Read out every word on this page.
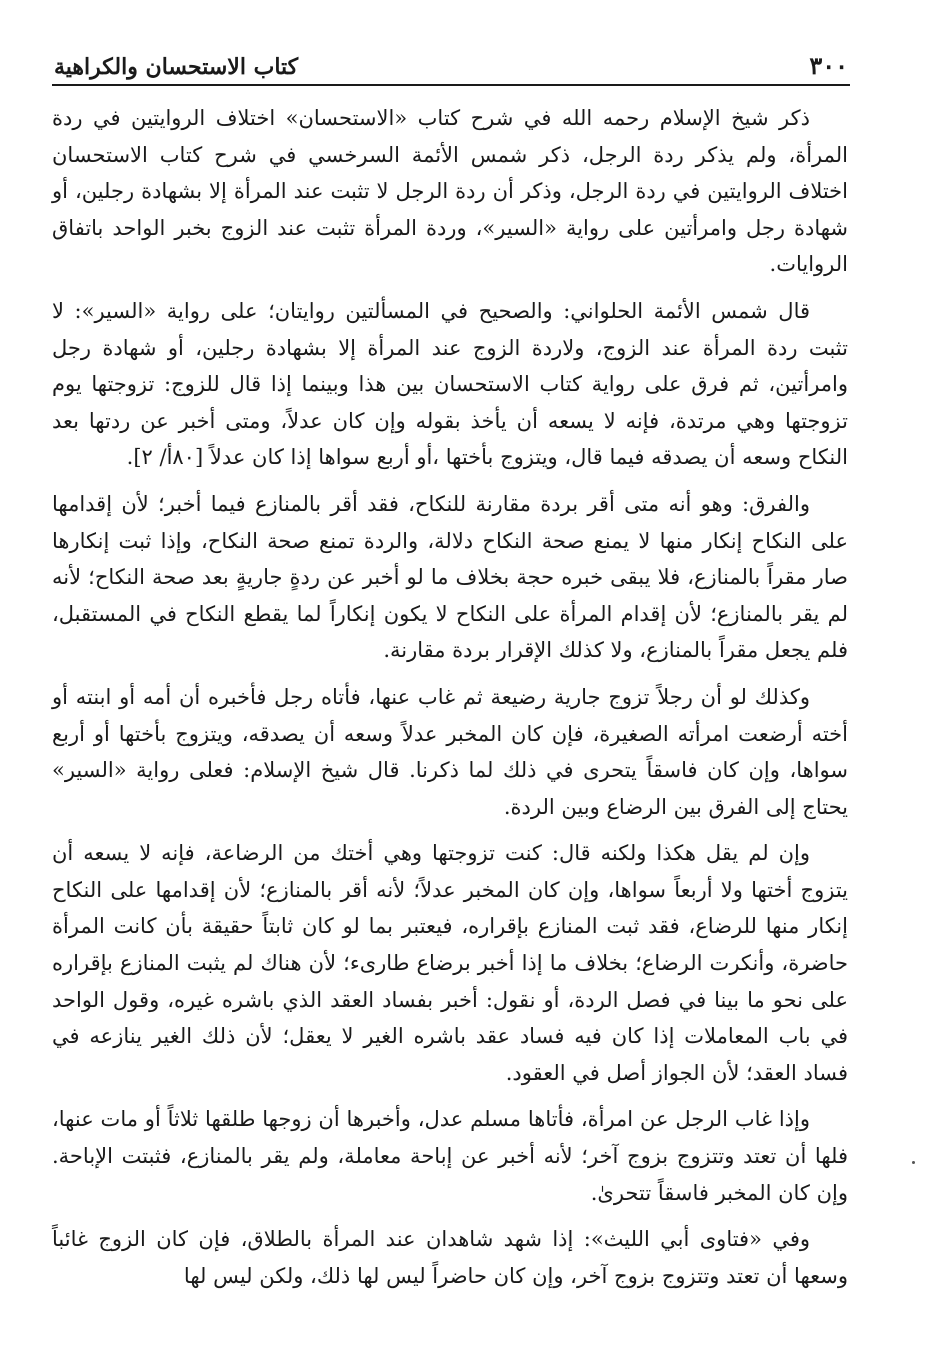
٣٠٠
كتاب الاستحسان والكراهية

ذكر شيخ الإسلام رحمه الله في شرح كتاب «الاستحسان» اختلاف الروايتين في ردة المرأة، ولم يذكر ردة الرجل، ذكر شمس الأئمة السرخسي في شرح كتاب الاستحسان اختلاف الروايتين في ردة الرجل، وذكر أن ردة الرجل لا تثبت عند المرأة إلا بشهادة رجلين، أو شهادة رجل وامرأتين على رواية «السير»، وردة المرأة تثبت عند الزوج بخبر الواحد باتفاق الروايات.

قال شمس الأئمة الحلواني: والصحيح في المسألتين روايتان؛ على رواية «السير»: لا تثبت ردة المرأة عند الزوج، ولاردة الزوج عند المرأة إلا بشهادة رجلين، أو شهادة رجل وامرأتين، ثم فرق على رواية كتاب الاستحسان بين هذا وبينما إذا قال للزوج: تزوجتها يوم تزوجتها وهي مرتدة، فإنه لا يسعه أن يأخذ بقوله وإن كان عدلاً، ومتى أخبر عن ردتها بعد النكاح وسعه أن يصدقه فيما قال، ويتزوج بأختها ،أو أربع سواها إذا كان عدلاً [٨٠أ/ ٢].

والفرق: وهو أنه متى أقر بردة مقارنة للنكاح، فقد أقر بالمنازع فيما أخبر؛ لأن إقدامها على النكاح إنكار منها لا يمنع صحة النكاح دلالة، والردة تمنع صحة النكاح، وإذا ثبت إنكارها صار مقراً بالمنازع، فلا يبقى خبره حجة بخلاف ما لو أخبر عن ردةٍ جاريةٍ بعد صحة النكاح؛ لأنه لم يقر بالمنازع؛ لأن إقدام المرأة على النكاح لا يكون إنكاراً لما يقطع النكاح في المستقبل، فلم يجعل مقراً بالمنازع، ولا كذلك الإقرار بردة مقارنة.

وكذلك لو أن رجلاً تزوج جارية رضيعة ثم غاب عنها، فأتاه رجل فأخبره أن أمه أو ابنته أو أخته أرضعت امرأته الصغيرة، فإن كان المخبر عدلاً وسعه أن يصدقه، ويتزوج بأختها أو أربع سواها، وإن كان فاسقاً يتحرى في ذلك لما ذكرنا. قال شيخ الإسلام: فعلى رواية «السير» يحتاج إلى الفرق بين الرضاع وبين الردة.

وإن لم يقل هكذا ولكنه قال: كنت تزوجتها وهي أختك من الرضاعة، فإنه لا يسعه أن يتزوج أختها ولا أربعاً سواها، وإن كان المخبر عدلاً؛ لأنه أقر بالمنازع؛ لأن إقدامها على النكاح إنكار منها للرضاع، فقد ثبت المنازع بإقراره، فيعتبر بما لو كان ثابتاً حقيقة بأن كانت المرأة حاضرة، وأنكرت الرضاع؛ بخلاف ما إذا أخبر برضاع طارىء؛ لأن هناك لم يثبت المنازع بإقراره على نحو ما بينا في فصل الردة، أو نقول: أخبر بفساد العقد الذي باشره غيره، وقول الواحد في باب المعاملات إذا كان فيه فساد عقد باشره الغير لا يعقل؛ لأن ذلك الغير ينازعه في فساد العقد؛ لأن الجواز أصل في العقود.

وإذا غاب الرجل عن امرأة، فأتاها مسلم عدل، وأخبرها أن زوجها طلقها ثلاثاً أو مات عنها، فلها أن تعتد وتتزوج بزوج آخر؛ لأنه أخبر عن إباحة معاملة، ولم يقر بالمنازع، فثبتت الإباحة. وإن كان المخبر فاسقاً تتحرىٰ.

وفي «فتاوى أبي الليث»: إذا شهد شاهدان عند المرأة بالطلاق، فإن كان الزوج غائباً وسعها أن تعتد وتتزوج بزوج آخر، وإن كان حاضراً ليس لها ذلك، ولكن ليس لها
